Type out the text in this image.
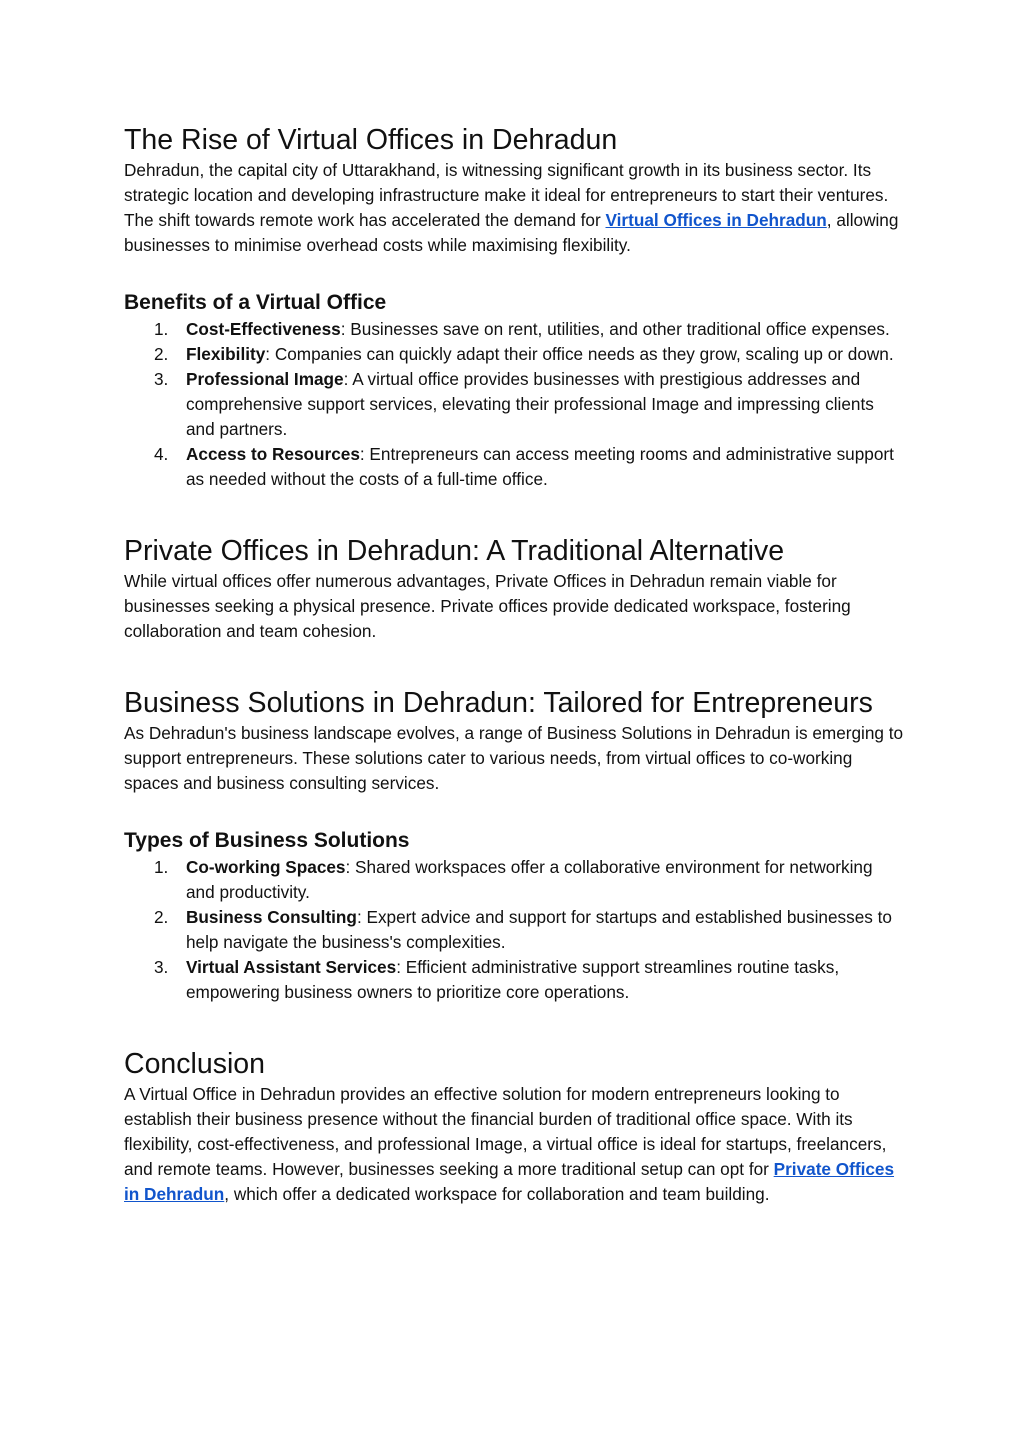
The Rise of Virtual Offices in Dehradun

Dehradun, the capital city of Uttarakhand, is witnessing significant growth in its business sector. Its strategic location and developing infrastructure make it ideal for entrepreneurs to start their ventures. The shift towards remote work has accelerated the demand for Virtual Offices in Dehradun, allowing businesses to minimise overhead costs while maximising flexibility.

Benefits of a Virtual Office
1.	Cost-Effectiveness: Businesses save on rent, utilities, and other traditional office expenses.
2.	Flexibility: Companies can quickly adapt their office needs as they grow, scaling up or down.
3.	Professional Image: A virtual office provides businesses with prestigious addresses and comprehensive support services, elevating their professional Image and impressing clients and partners.
4.	Access to Resources: Entrepreneurs can access meeting rooms and administrative support as needed without the costs of a full-time office.
Private Offices in Dehradun: A Traditional Alternative

While virtual offices offer numerous advantages, Private Offices in Dehradun remain viable for businesses seeking a physical presence. Private offices provide dedicated workspace, fostering collaboration and team cohesion.

Business Solutions in Dehradun: Tailored for Entrepreneurs

As Dehradun's business landscape evolves, a range of Business Solutions in Dehradun is emerging to support entrepreneurs. These solutions cater to various needs, from virtual offices to co-working spaces and business consulting services.

Types of Business Solutions
1.	Co-working Spaces: Shared workspaces offer a collaborative environment for networking and productivity.
2.	Business Consulting: Expert advice and support for startups and established businesses to help navigate the business's complexities.
3.	Virtual Assistant Services: Efficient administrative support streamlines routine tasks, empowering business owners to prioritize core operations.
Conclusion

A Virtual Office in Dehradun provides an effective solution for modern entrepreneurs looking to establish their business presence without the financial burden of traditional office space. With its flexibility, cost-effectiveness, and professional Image, a virtual office is ideal for startups, freelancers, and remote teams. However, businesses seeking a more traditional setup can opt for Private Offices in Dehradun, which offer a dedicated workspace for collaboration and team building.
